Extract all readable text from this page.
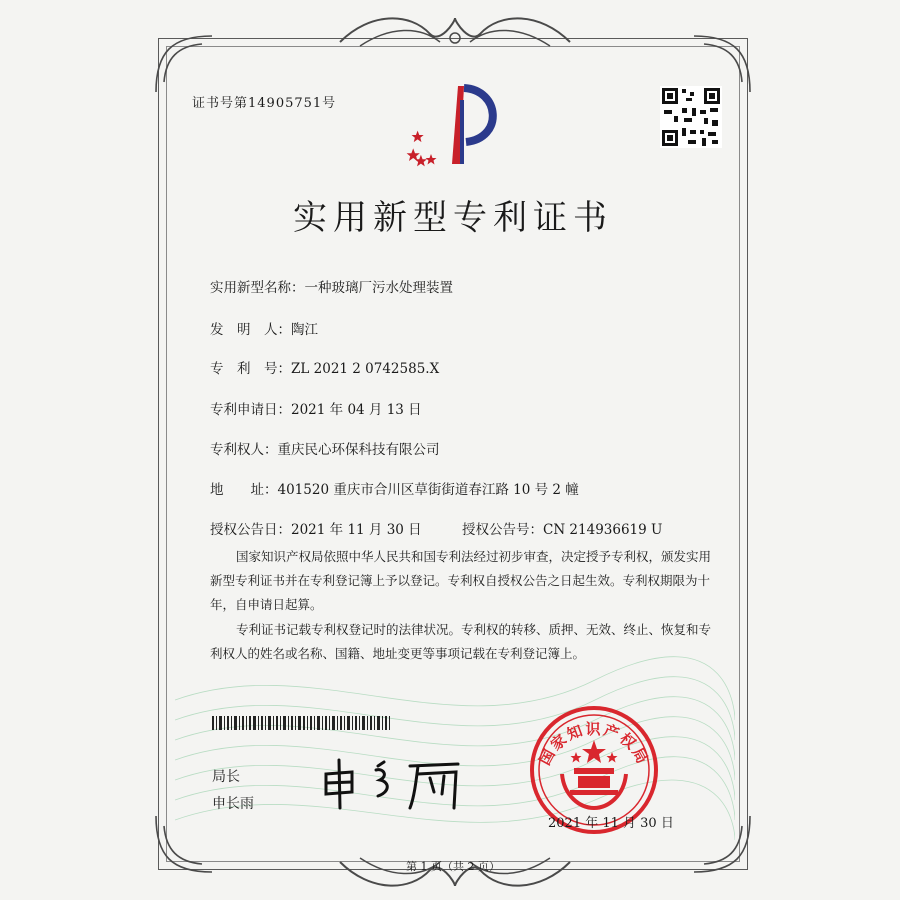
证书号第14905751号
实用新型专利证书
实用新型名称：一种玻璃厂污水处理装置
发　明　人：陶江
专　利　号：ZL 2021 2 0742585.X
专利申请日：2021 年 04 月 13 日
专利权人：重庆民心环保科技有限公司
地　　址：401520 重庆市合川区草街街道春江路 10 号 2 幢
授权公告日：2021 年 11 月 30 日	授权公告号：CN 214936619 U
国家知识产权局依照中华人民共和国专利法经过初步审查，决定授予专利权，颁发实用
新型专利证书并在专利登记簿上予以登记。专利权自授权公告之日起生效。专利权期限为十
年，自申请日起算。
专利证书记载专利权登记时的法律状况。专利权的转移、质押、无效、终止、恢复和专
利权人的姓名或名称、国籍、地址变更等事项记载在专利登记簿上。
局长
申长雨
国家知识产权局
2021 年 11 月 30 日
第 1 页（共 2 页）
